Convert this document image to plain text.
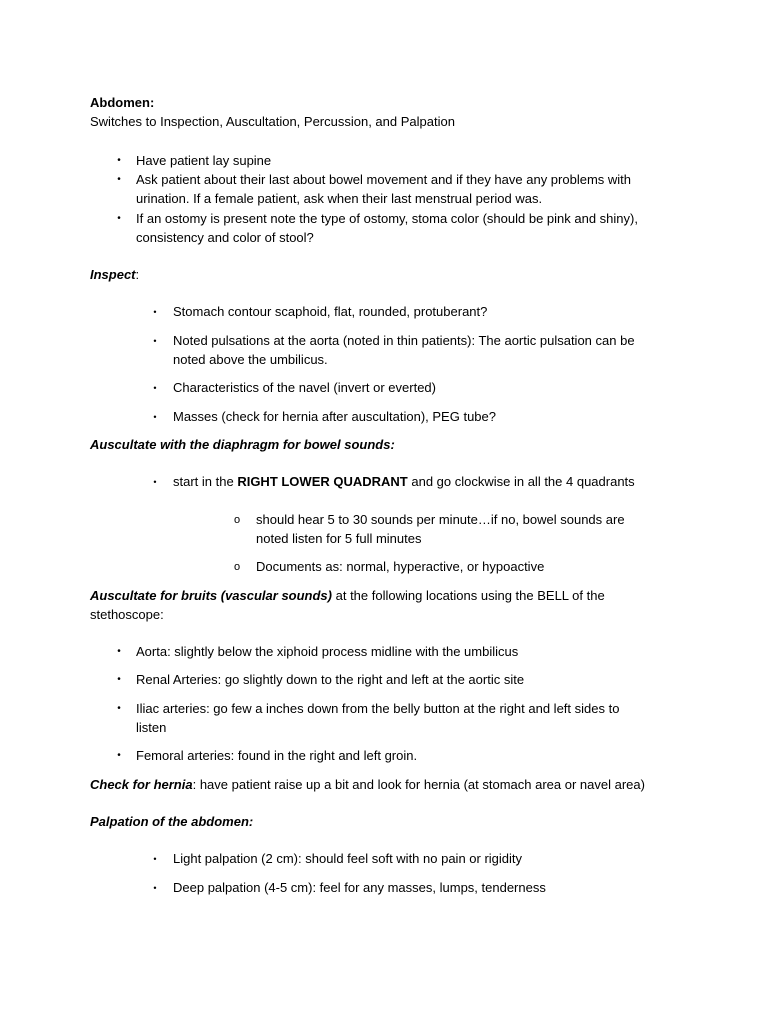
Abdomen:
Switches to Inspection, Auscultation, Percussion, and Palpation
•	Have patient lay supine
•	Ask patient about their last about bowel movement and if they have any problems with
urination. If a female patient, ask when their last menstrual period was.
•	If an ostomy is present note the type of ostomy, stoma color (should be pink and shiny),
consistency and color of stool?
Inspect:
•	Stomach contour scaphoid, flat, rounded, protuberant?
•	Noted pulsations at the aorta (noted in thin patients): The aortic pulsation can be
noted above the umbilicus.
•	Characteristics of the navel (invert or everted)
•	Masses (check for hernia after auscultation), PEG tube?
Auscultate with the diaphragm for bowel sounds:
•	start in the RIGHT LOWER QUADRANT and go clockwise in all the 4 quadrants
o	should hear 5 to 30 sounds per minute…if no, bowel sounds are
noted listen for 5 full minutes
o	Documents as: normal, hyperactive, or hypoactive
Auscultate for bruits (vascular sounds) at the following locations using the BELL of the
stethoscope:
•	Aorta: slightly below the xiphoid process midline with the umbilicus
•	Renal Arteries: go slightly down to the right and left at the aortic site
•	Iliac arteries: go few a inches down from the belly button at the right and left sides to
listen
•	Femoral arteries: found in the right and left groin.
Check for hernia: have patient raise up a bit and look for hernia (at stomach area or navel area)
Palpation of the abdomen:
•	Light palpation (2 cm): should feel soft with no pain or rigidity
•	Deep palpation (4-5 cm): feel for any masses, lumps, tenderness
